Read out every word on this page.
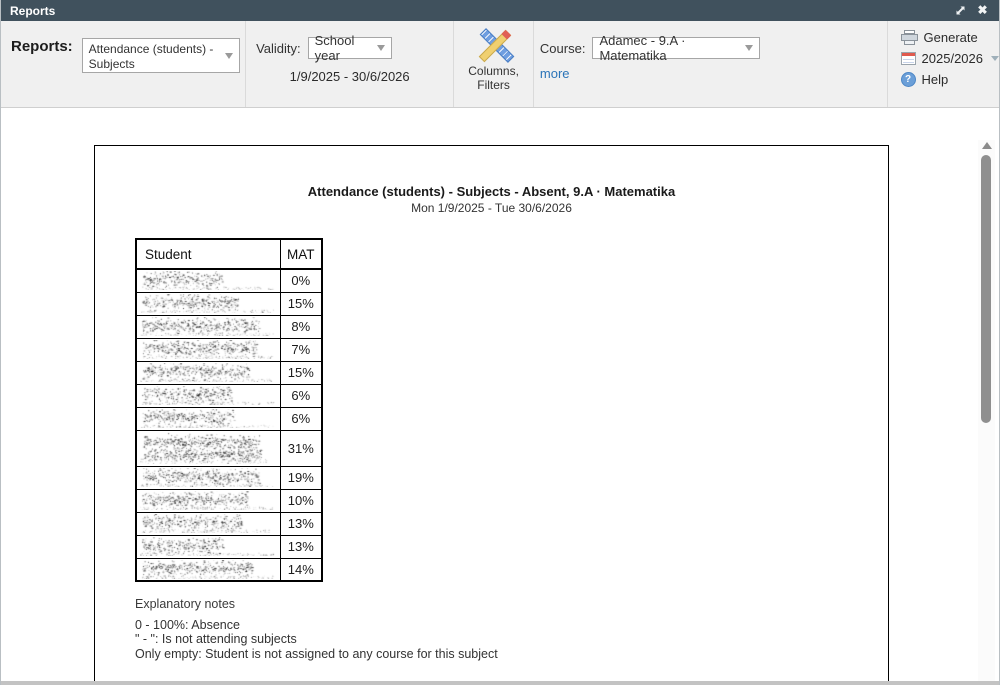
Reports	✖
Reports: Attendance (students) - Subjects
Validity: School year
1/9/2025 - 30/6/2026	Columns,
Filters
Course: Adamec - 9.A · Matematika
more
Generate
2025/2026
? Help
Attendance (students) - Subjects - Absent, 9.A · Matematika
Mon 1/9/2025 - Tue 30/6/2026
Student	MAT

	0%

	15%

	8%

	7%

	15%

	6%

	6%

	31%

	19%

	10%

	13%

	13%

	14%
Explanatory notes
0 - 100%: Absence
" - ": Is not attending subjects
Only empty: Student is not assigned to any course for this subject
